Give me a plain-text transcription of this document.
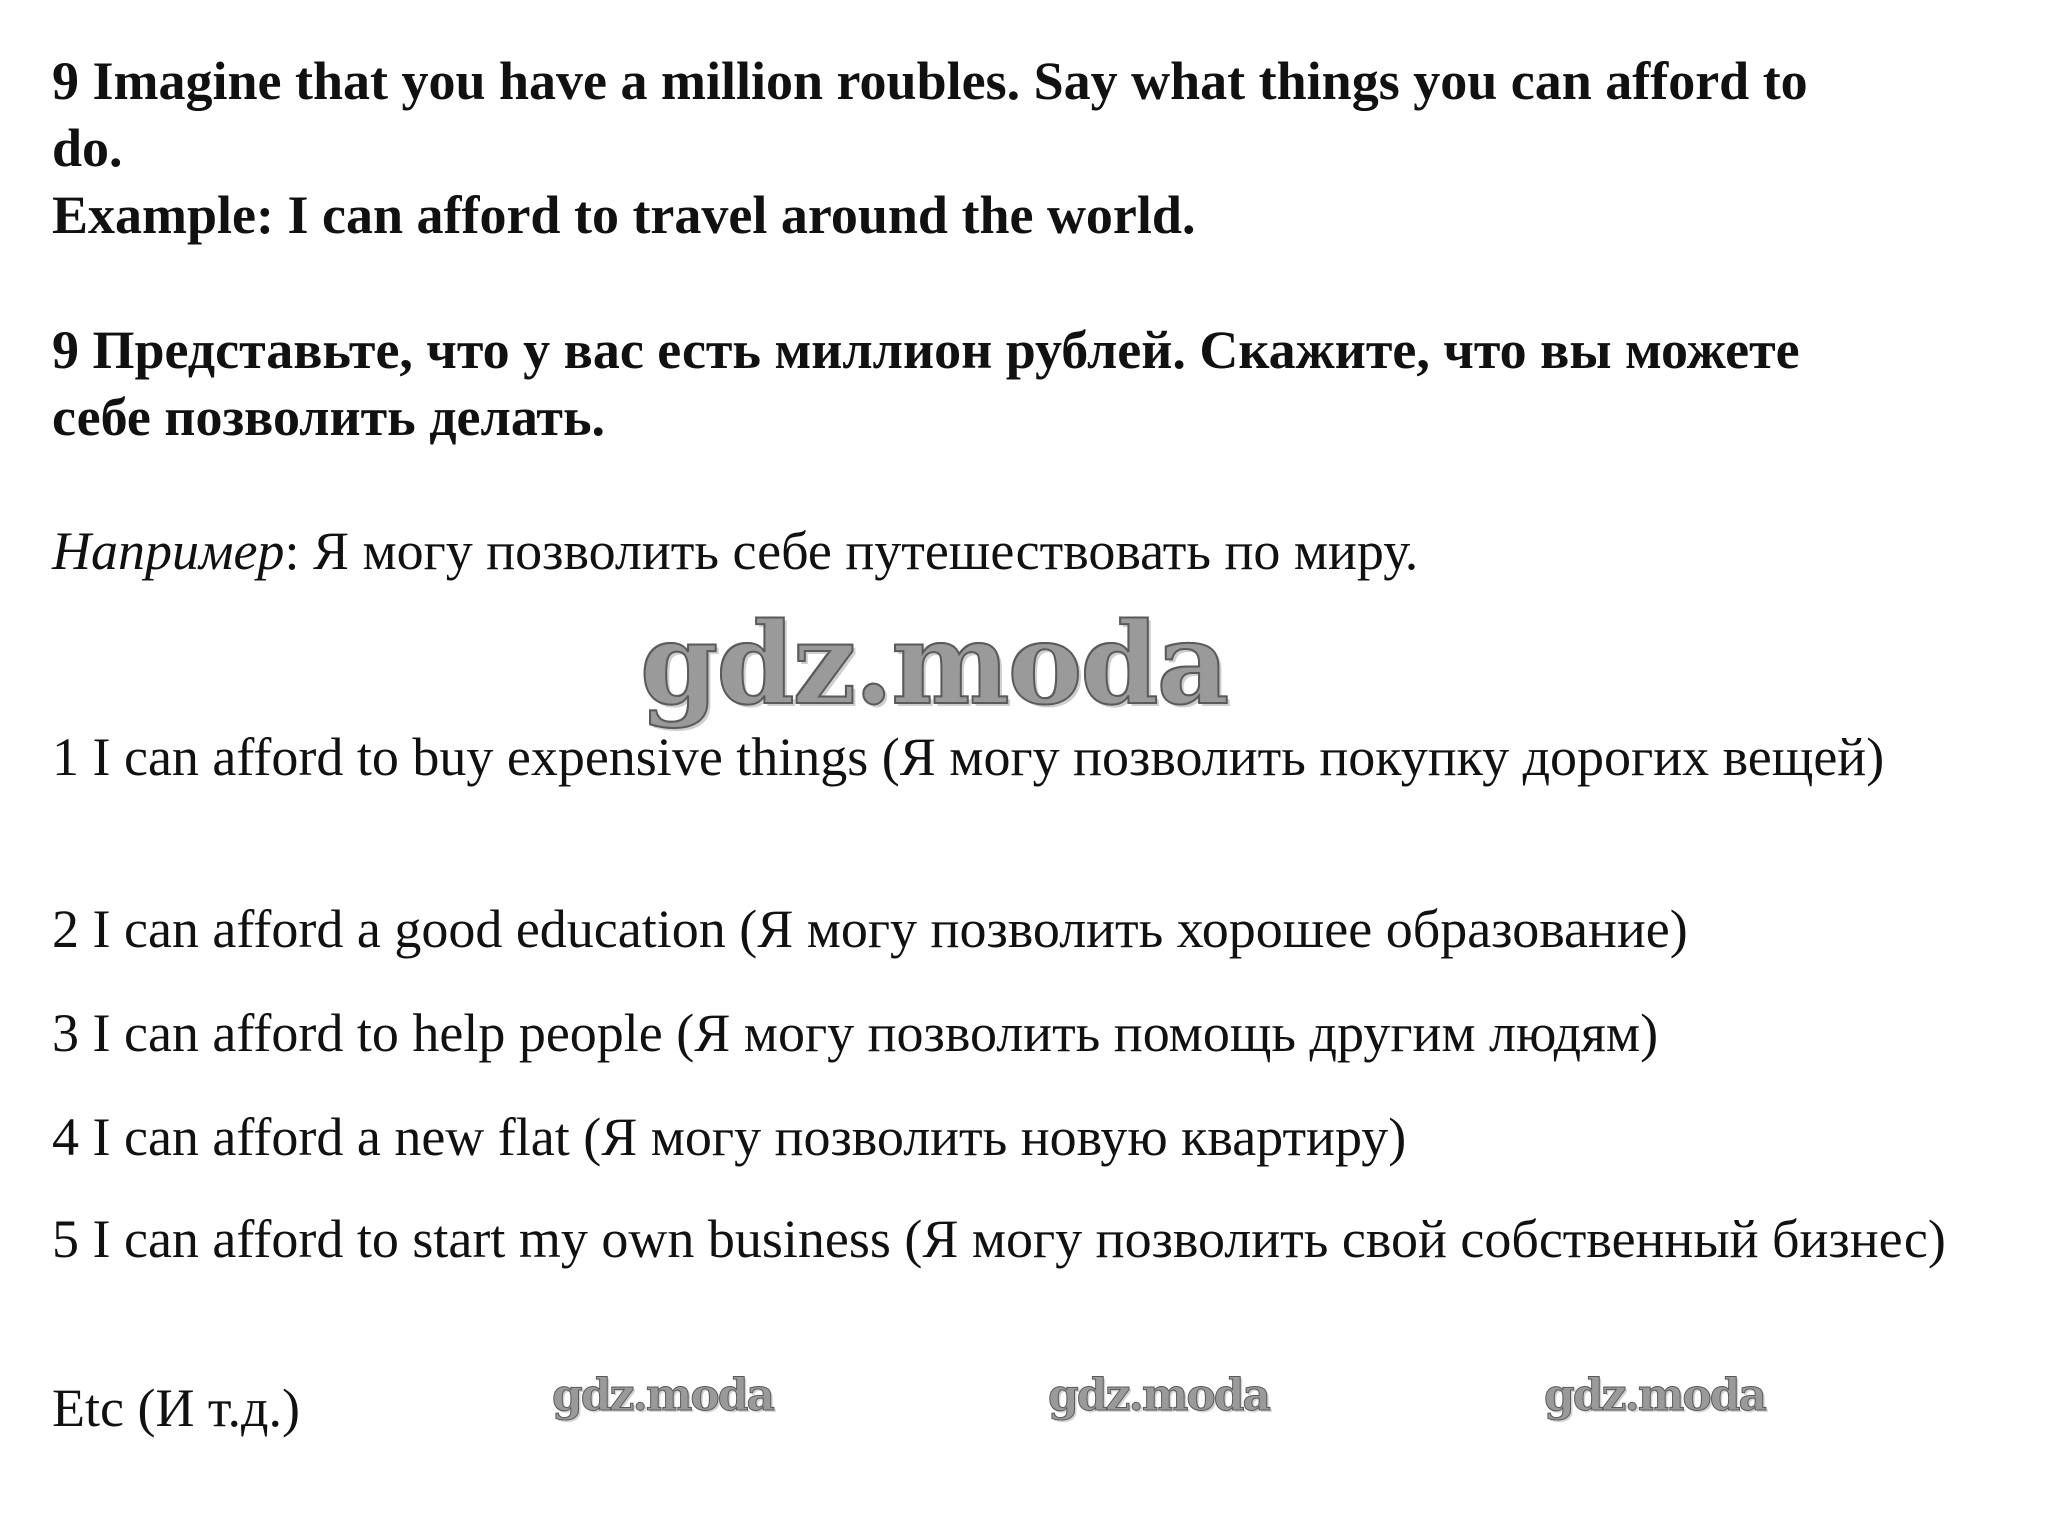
9 Imagine that you have a million roubles. Say what things you can afford to

do.

Example: I can afford to travel around the world.

9 Представьте, что у вас есть миллион рублей. Скажите, что вы можете

себе позволить делать.

Например: Я могу позволить себе путешествовать по миру.

gdz.moda

1 I can afford to buy expensive things (Я могу позволить покупку дорогих вещей)

2 I can afford a good education (Я могу позволить хорошее образование)

3 I can afford to help people (Я могу позволить помощь другим людям)

4 I can afford a new flat (Я могу позволить новую квартиру)

5 I can afford to start my own business (Я могу позволить свой собственный бизнес)

Etc (И т.д.)	gdz.moda	gdz.moda	gdz.moda
